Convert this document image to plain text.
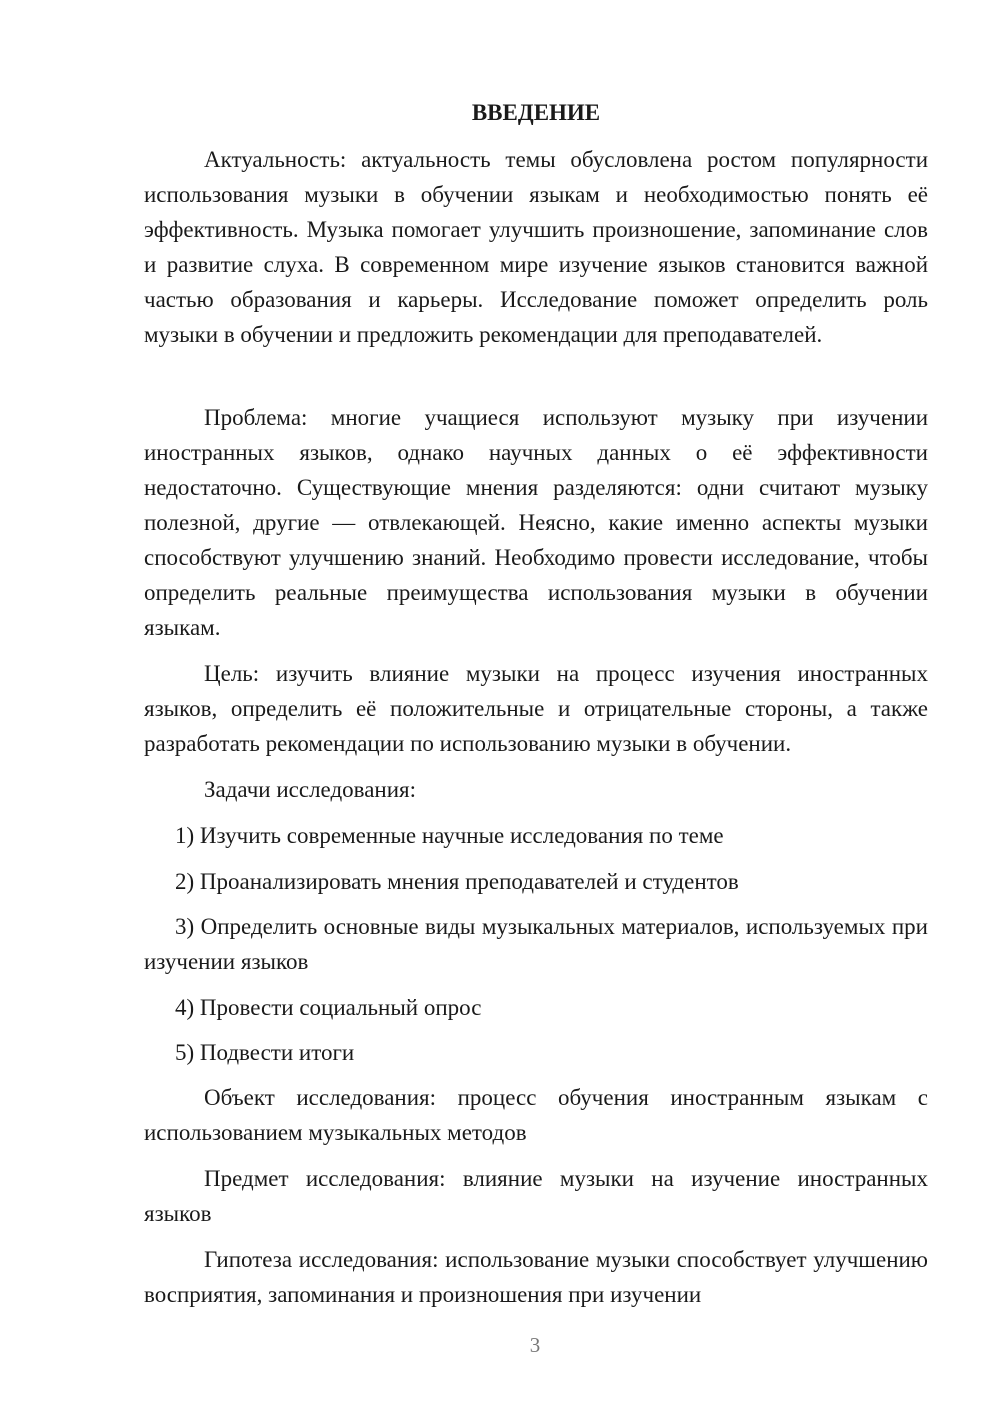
ВВЕДЕНИЕ

Актуальность: актуальность темы обусловлена ростом популярности использования музыки в обучении языкам и необходимостью понять её эффективность. Музыка помогает улучшить произношение, запоминание слов и развитие слуха. В современном мире изучение языков становится важной частью образования и карьеры. Исследование поможет определить роль музыки в обучении и предложить рекомендации для преподавателей.

Проблема: многие учащиеся используют музыку при изучении иностранных языков, однако научных данных о её эффективности недостаточно. Существующие мнения разделяются: одни считают музыку полезной, другие — отвлекающей. Неясно, какие именно аспекты музыки способствуют улучшению знаний. Необходимо провести исследование, чтобы определить реальные преимущества использования музыки в обучении языкам.

Цель: изучить влияние музыки на процесс изучения иностранных языков, определить её положительные и отрицательные стороны, а также разработать рекомендации по использованию музыки в обучении.

Задачи исследования:

1) Изучить современные научные исследования по теме

2) Проанализировать мнения преподавателей и студентов

3) Определить основные виды музыкальных материалов, используемых при изучении языков

4) Провести социальный опрос

5) Подвести итоги

Объект исследования: процесс обучения иностранным языкам с использованием музыкальных методов

Предмет исследования: влияние музыки на изучение иностранных языков

Гипотеза исследования: использование музыки способствует улучшению восприятия, запоминания и произношения при изучении

3
